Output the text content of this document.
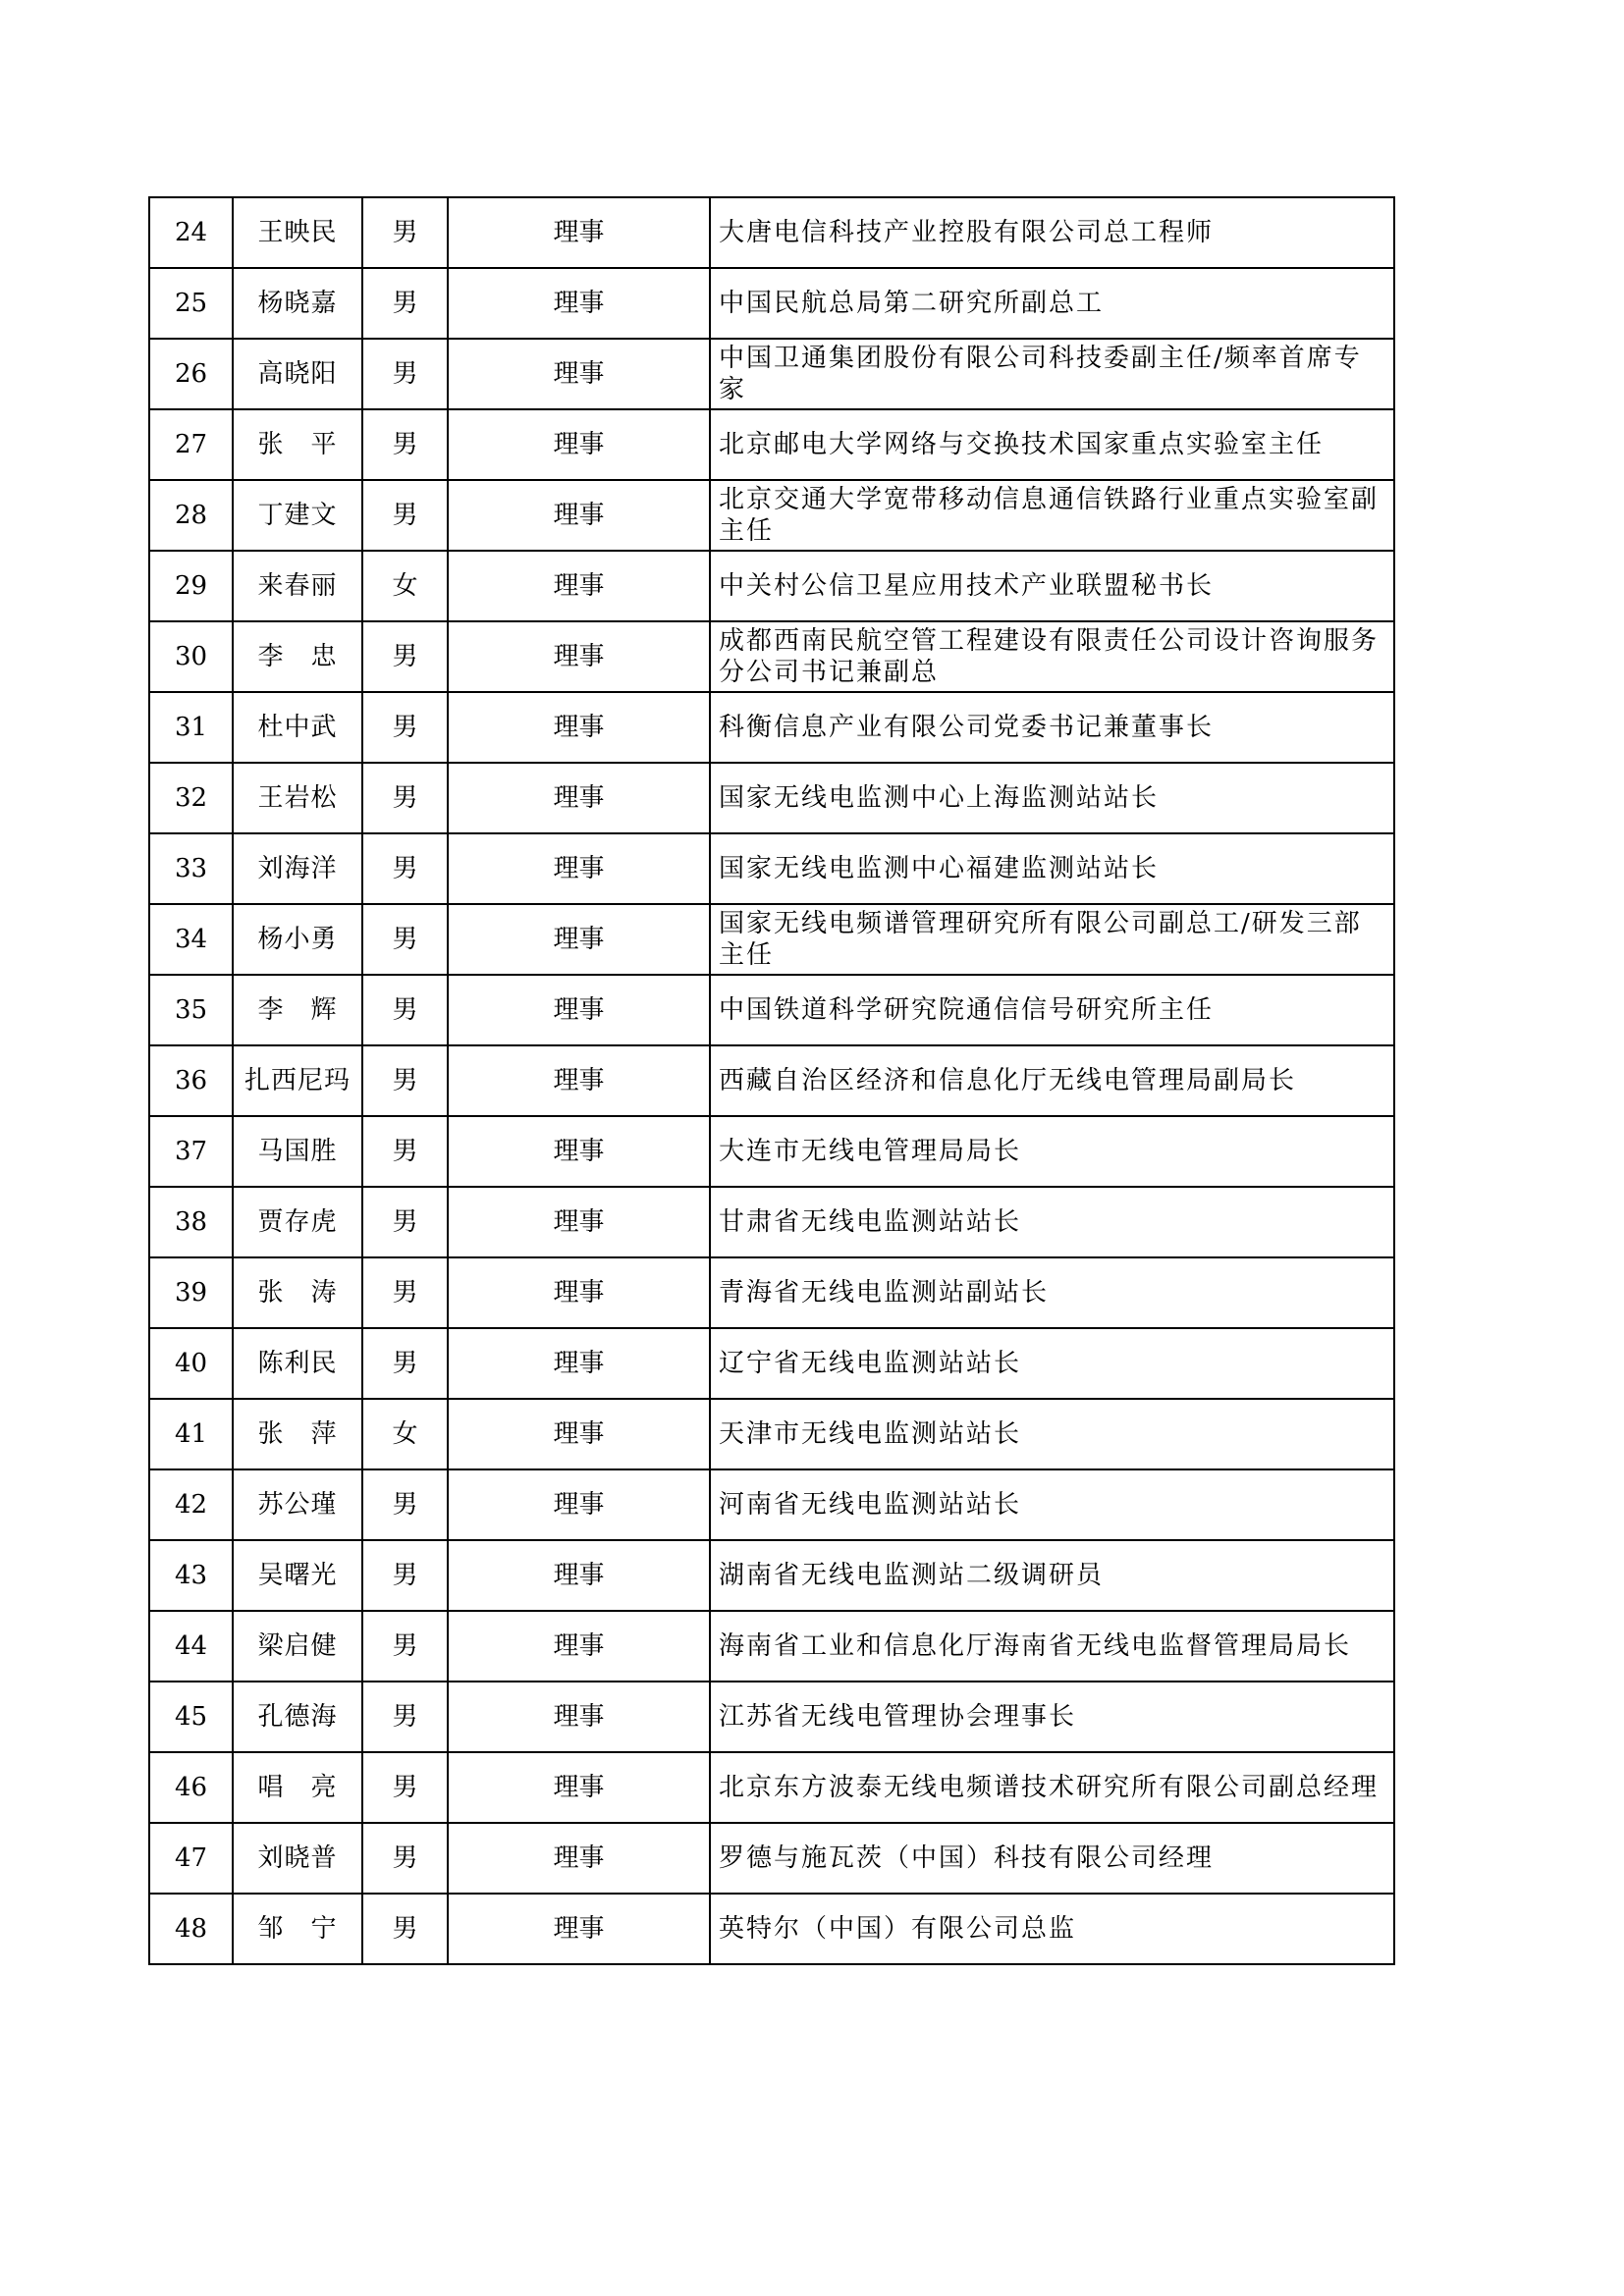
24	王映民	男	理事	大唐电信科技产业控股有限公司总工程师
25	杨晓嘉	男	理事	中国民航总局第二研究所副总工
26	高晓阳	男	理事	中国卫通集团股份有限公司科技委副主任/频率首席专家
27	张　平	男	理事	北京邮电大学网络与交换技术国家重点实验室主任
28	丁建文	男	理事	北京交通大学宽带移动信息通信铁路行业重点实验室副主任
29	来春丽	女	理事	中关村公信卫星应用技术产业联盟秘书长
30	李　忠	男	理事	成都西南民航空管工程建设有限责任公司设计咨询服务分公司书记兼副总
31	杜中武	男	理事	科衡信息产业有限公司党委书记兼董事长
32	王岩松	男	理事	国家无线电监测中心上海监测站站长
33	刘海洋	男	理事	国家无线电监测中心福建监测站站长
34	杨小勇	男	理事	国家无线电频谱管理研究所有限公司副总工/研发三部主任
35	李　辉	男	理事	中国铁道科学研究院通信信号研究所主任
36	扎西尼玛	男	理事	西藏自治区经济和信息化厅无线电管理局副局长
37	马国胜	男	理事	大连市无线电管理局局长
38	贾存虎	男	理事	甘肃省无线电监测站站长
39	张　涛	男	理事	青海省无线电监测站副站长
40	陈利民	男	理事	辽宁省无线电监测站站长
41	张　萍	女	理事	天津市无线电监测站站长
42	苏公瑾	男	理事	河南省无线电监测站站长
43	吴曙光	男	理事	湖南省无线电监测站二级调研员
44	梁启健	男	理事	海南省工业和信息化厅海南省无线电监督管理局局长
45	孔德海	男	理事	江苏省无线电管理协会理事长
46	唱　亮	男	理事	北京东方波泰无线电频谱技术研究所有限公司副总经理
47	刘晓普	男	理事	罗德与施瓦茨（中国）科技有限公司经理
48	邹　宁	男	理事	英特尔（中国）有限公司总监
